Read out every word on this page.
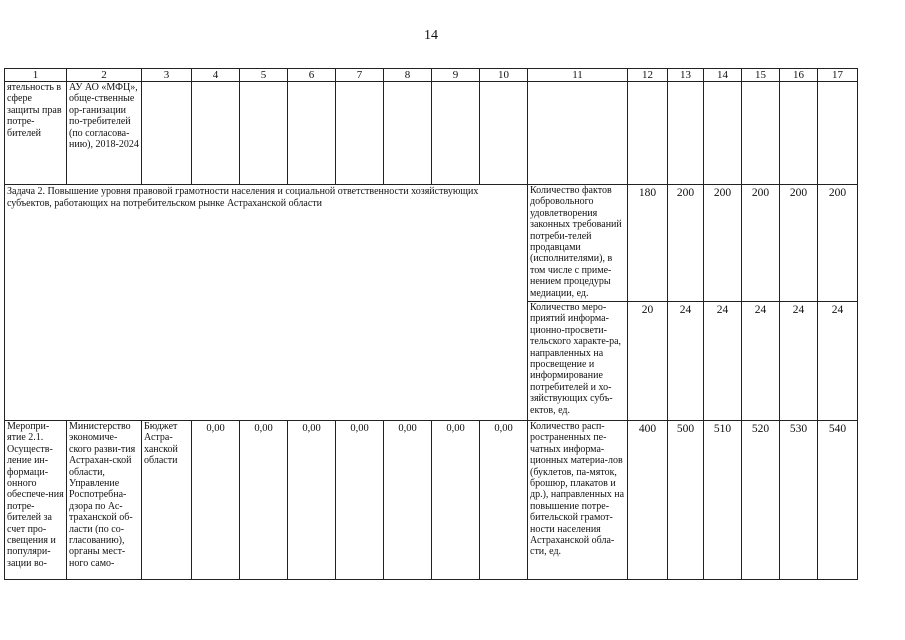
14
1	2	3	4	5	6	7	8	9	10	11	12	13	14	15	16	17
ятельность в сфере защиты прав потре-бителей	АУ АО «МФЦ», обще-ственные ор-ганизации по-требителей (по согласова-нию), 2018-2024															
Задача 2. Повышение уровня правовой грамотности населения и социальной ответственности хозяйствующих субъектов, работающих на потребительском рынке Астраханской области										Количество фактов добровольного удовлетворения законных требований потреби-телей продавцами (исполнителями), в том числе с приме-нением процедуры медиации, ед.	180	200	200	200	200	200
										Количество меро-приятий информа-ционно-просвети-тельского характе-ра, направленных на просвещение и информирование потребителей и хо-зяйствующих субъ-ектов, ед.	20	24	24	24	24	24
Меропри-ятие 2.1. Осуществ-ление ин-формаци-онного обеспече-ния потре-бителей за счет про-свещения и популяри-зации во-	Министерство экономиче-ского разви-тия Астрахан-ской области, Управление Роспотребна-дзора по Ас-траханской об-ласти (по со-гласованию), органы мест-ного само-	Бюджет Астра-ханской области	0,00	0,00	0,00	0,00	0,00	0,00	0,00	Количество расп-ространенных пе-чатных информа-ционных материа-лов (буклетов, па-мяток, брошюр, плакатов и др.), направленных на повышение потре-бительской грамот-ности населения Астраханской обла-сти, ед.	400	500	510	520	530	540
